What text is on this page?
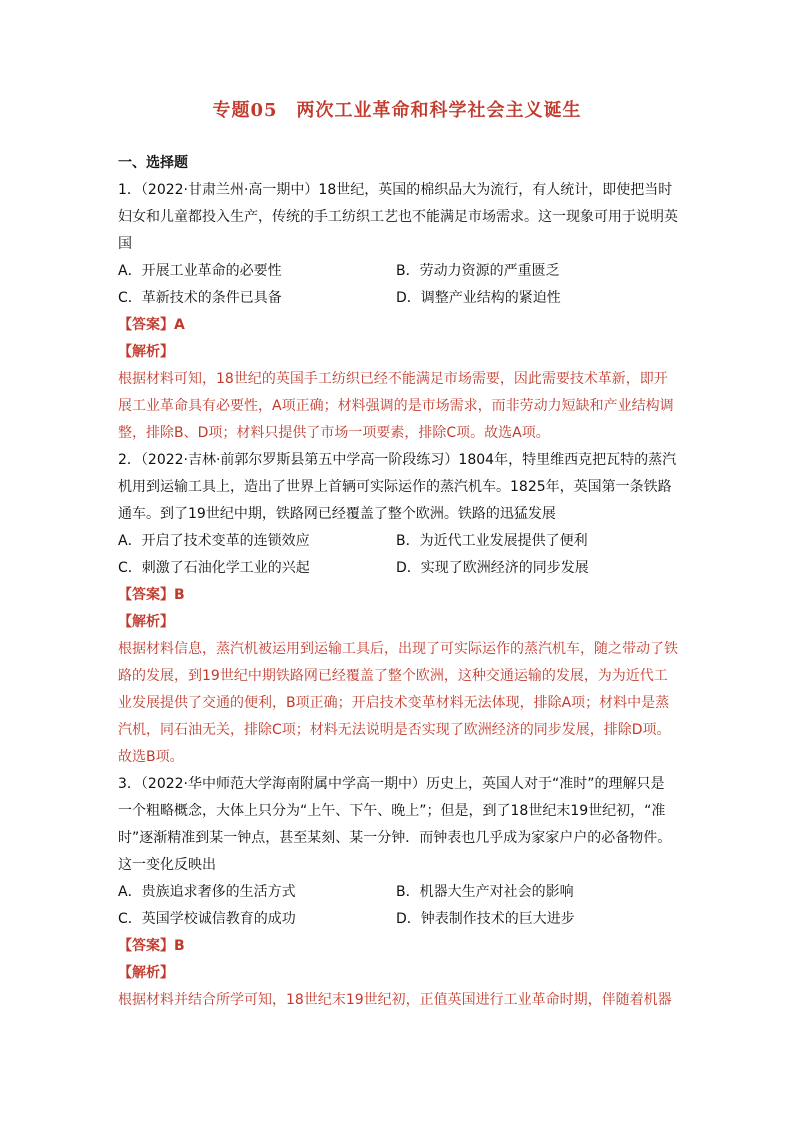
专题05　两次工业革命和科学社会主义诞生
一、选择题

1．（2022·甘肃兰州·高一期中）18世纪，英国的棉织品大为流行，有人统计，即使把当时妇女和儿童都投入生产，传统的手工纺织工艺也不能满足市场需求。这一现象可用于说明英国

A．开展工业革命的必要性	B．劳动力资源的严重匮乏
C．革新技术的条件已具备	D．调整产业结构的紧迫性
【答案】A
【解析】

根据材料可知，18世纪的英国手工纺织已经不能满足市场需要，因此需要技术革新，即开展工业革命具有必要性，A项正确；材料强调的是市场需求，而非劳动力短缺和产业结构调整，排除B、D项；材料只提供了市场一项要素，排除C项。故选A项。

2．（2022·吉林·前郭尔罗斯县第五中学高一阶段练习）1804年，特里维西克把瓦特的蒸汽机用到运输工具上，造出了世界上首辆可实际运作的蒸汽机车。1825年，英国第一条铁路通车。到了19世纪中期，铁路网已经覆盖了整个欧洲。铁路的迅猛发展

A．开启了技术变革的连锁效应	B．为近代工业发展提供了便利
C．刺激了石油化学工业的兴起	D．实现了欧洲经济的同步发展
【答案】B
【解析】

根据材料信息，蒸汽机被运用到运输工具后，出现了可实际运作的蒸汽机车，随之带动了铁路的发展，到19世纪中期铁路网已经覆盖了整个欧洲，这种交通运输的发展，为为近代工业发展提供了交通的便利，B项正确；开启技术变革材料无法体现，排除A项；材料中是蒸汽机，同石油无关，排除C项；材料无法说明是否实现了欧洲经济的同步发展，排除D项。故选B项。

3．（2022·华中师范大学海南附属中学高一期中）历史上，英国人对于“准时”的理解只是一个粗略概念，大体上只分为“上午、下午、晚上”；但是，到了18世纪末19世纪初，“准时”逐渐精准到某一钟点，甚至某刻、某一分钟．而钟表也几乎成为家家户户的必备物件。这一变化反映出

A．贵族追求奢侈的生活方式	B．机器大生产对社会的影响
C．英国学校诚信教育的成功	D．钟表制作技术的巨大进步
【答案】B
【解析】

根据材料并结合所学可知，18世纪末19世纪初，正值英国进行工业革命时期，伴随着机器
